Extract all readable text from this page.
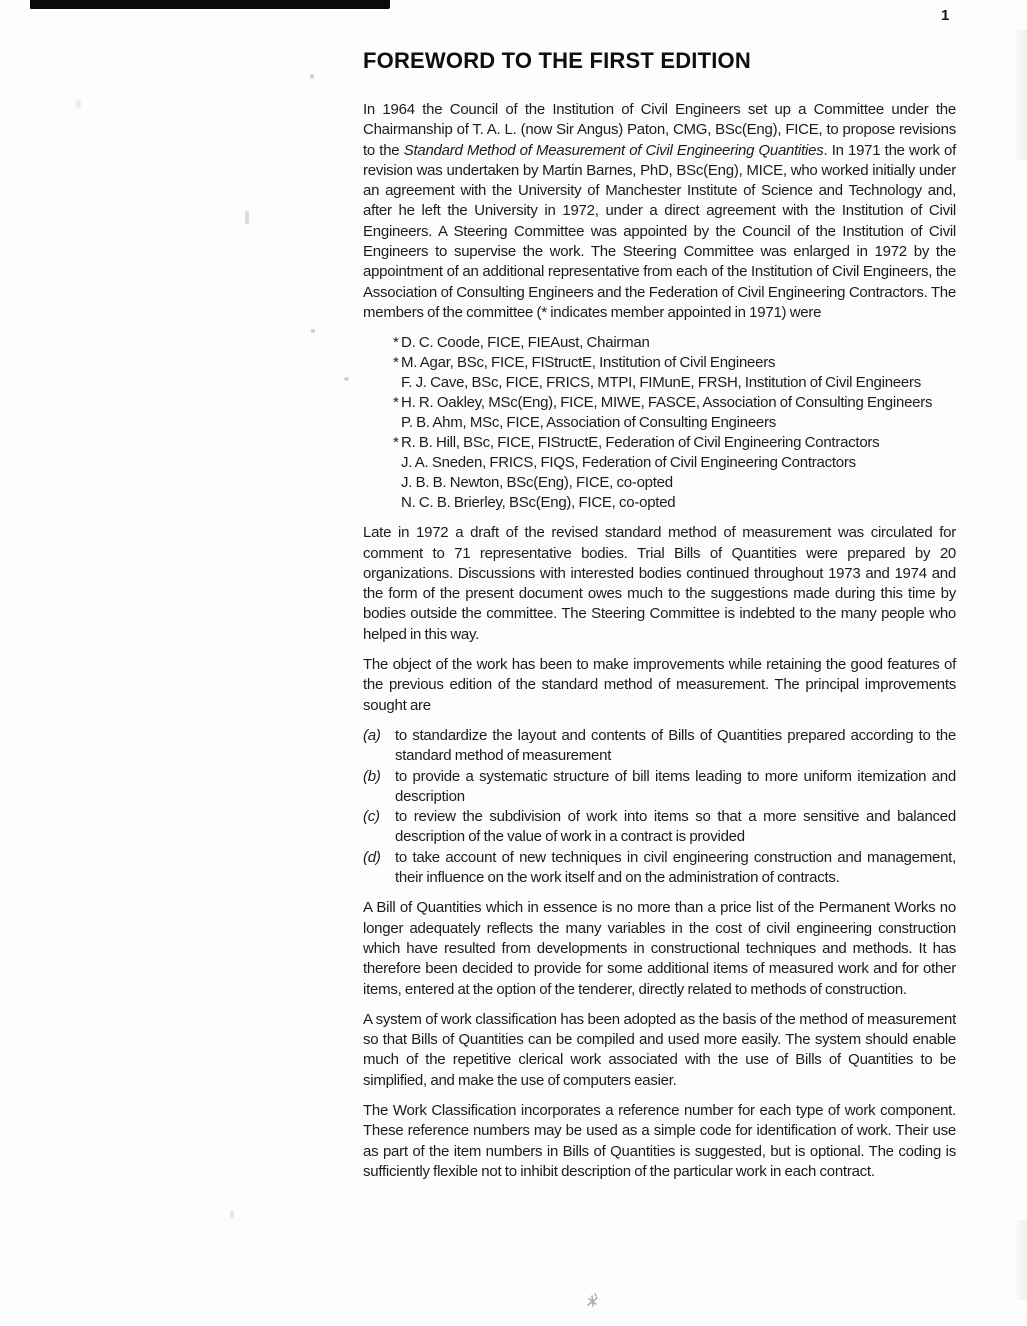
1
FOREWORD TO THE FIRST EDITION

In 1964 the Council of the Institution of Civil Engineers set up a Committee under the Chairmanship of T. A. L. (now Sir Angus) Paton, CMG, BSc(Eng), FICE, to propose revisions to the Standard Method of Measurement of Civil Engineering Quantities. In 1971 the work of revision was undertaken by Martin Barnes, PhD, BSc(Eng), MICE, who worked initially under an agreement with the University of Manchester Institute of Science and Technology and, after he left the University in 1972, under a direct agreement with the Institution of Civil Engineers. A Steering Committee was appointed by the Council of the Institution of Civil Engineers to supervise the work. The Steering Committee was enlarged in 1972 by the appointment of an additional representative from each of the Institution of Civil Engineers, the Association of Consulting Engineers and the Federation of Civil Engineering Contractors. The members of the committee (* indicates member appointed in 1971) were

* D. C. Coode, FICE, FIEAust, Chairman
* M. Agar, BSc, FICE, FIStructE, Institution of Civil Engineers
F. J. Cave, BSc, FICE, FRICS, MTPI, FIMunE, FRSH, Institution of Civil Engineers
* H. R. Oakley, MSc(Eng), FICE, MIWE, FASCE, Association of Consulting Engineers
P. B. Ahm, MSc, FICE, Association of Consulting Engineers
* R. B. Hill, BSc, FICE, FIStructE, Federation of Civil Engineering Contractors
J. A. Sneden, FRICS, FIQS, Federation of Civil Engineering Contractors
J. B. B. Newton, BSc(Eng), FICE, co-opted
N. C. B. Brierley, BSc(Eng), FICE, co-opted

Late in 1972 a draft of the revised standard method of measurement was circulated for comment to 71 representative bodies. Trial Bills of Quantities were prepared by 20 organizations. Discussions with interested bodies continued throughout 1973 and 1974 and the form of the present document owes much to the suggestions made during this time by bodies outside the committee. The Steering Committee is indebted to the many people who helped in this way.

The object of the work has been to make improvements while retaining the good features of the previous edition of the standard method of measurement. The principal improvements sought are

(a) to standardize the layout and contents of Bills of Quantities prepared according to the standard method of measurement
(b) to provide a systematic structure of bill items leading to more uniform itemization and description
(c) to review the subdivision of work into items so that a more sensitive and balanced description of the value of work in a contract is provided
(d) to take account of new techniques in civil engineering construction and management, their influence on the work itself and on the administration of contracts.

A Bill of Quantities which in essence is no more than a price list of the Permanent Works no longer adequately reflects the many variables in the cost of civil engineering construction which have resulted from developments in constructional techniques and methods. It has therefore been decided to provide for some additional items of measured work and for other items, entered at the option of the tenderer, directly related to methods of construction.

A system of work classification has been adopted as the basis of the method of measurement so that Bills of Quantities can be compiled and used more easily. The system should enable much of the repetitive clerical work associated with the use of Bills of Quantities to be simplified, and make the use of computers easier.

The Work Classification incorporates a reference number for each type of work component. These reference numbers may be used as a simple code for identification of work. Their use as part of the item numbers in Bills of Quantities is suggested, but is optional. The coding is sufficiently flexible not to inhibit description of the particular work in each contract.
